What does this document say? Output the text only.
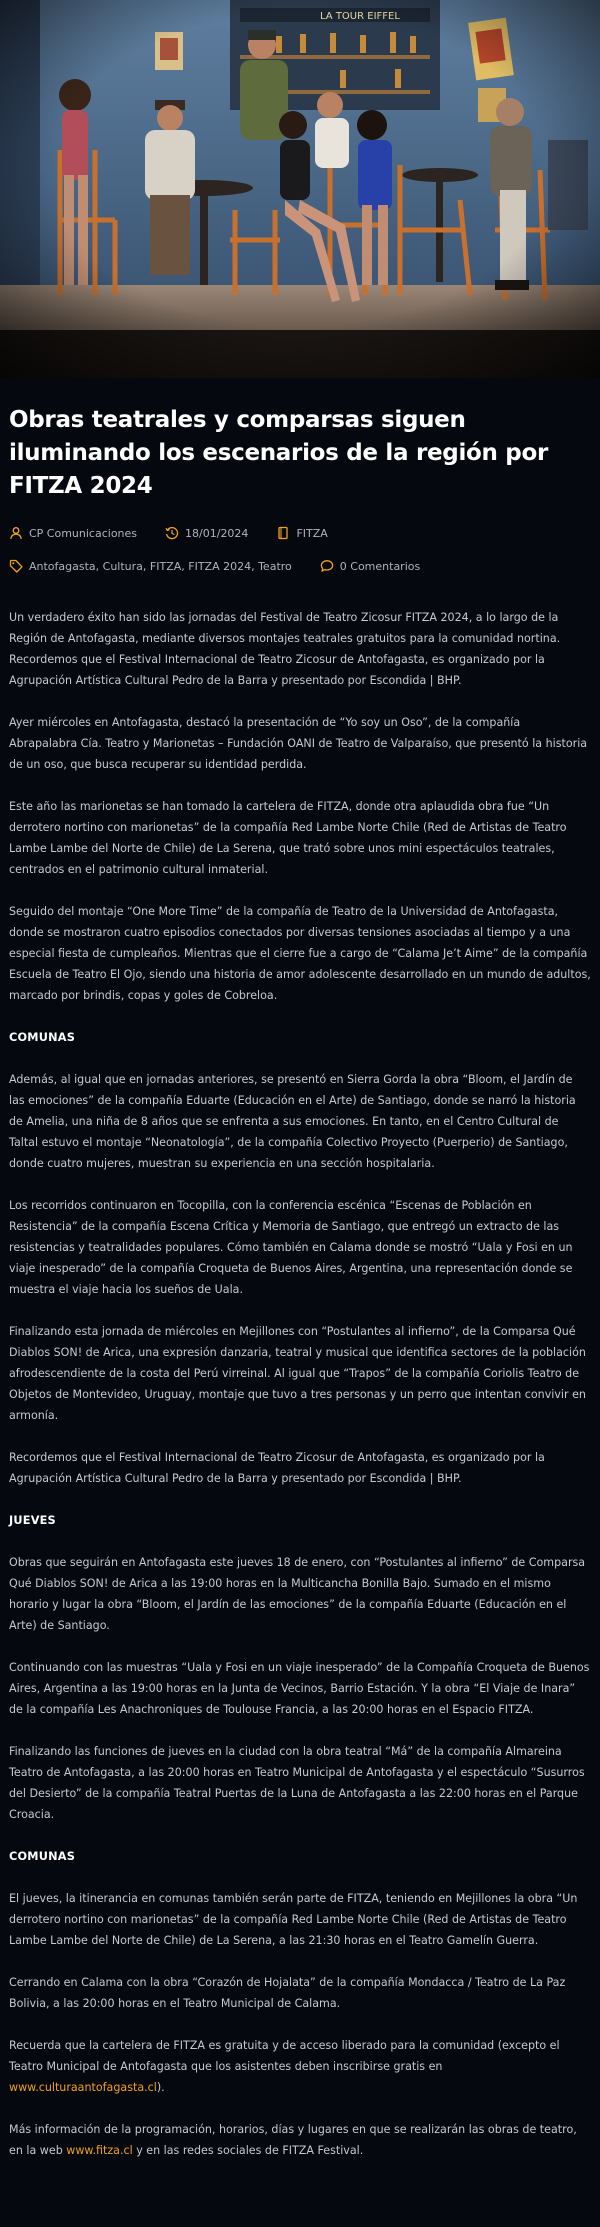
Obras teatrales y comparsas siguen iluminando los escenarios de la región por FITZA 2024
CP Comunicaciones	18/01/2024	FITZA
Antofagasta, Cultura, FITZA, FITZA 2024, Teatro	0 Comentarios

Un verdadero éxito han sido las jornadas del Festival de Teatro Zicosur FITZA 2024, a lo largo de la Región de Antofagasta, mediante diversos montajes teatrales gratuitos para la comunidad nortina. Recordemos que el Festival Internacional de Teatro Zicosur de Antofagasta, es organizado por la Agrupación Artística Cultural Pedro de la Barra y presentado por Escondida | BHP.

Ayer miércoles en Antofagasta, destacó la presentación de “Yo soy un Oso”, de la compañía Abrapalabra Cía. Teatro y Marionetas – Fundación OANI de Teatro de Valparaíso, que presentó la historia de un oso, que busca recuperar su identidad perdida.

Este año las marionetas se han tomado la cartelera de FITZA, donde otra aplaudida obra fue “Un derrotero nortino con marionetas” de la compañía Red Lambe Norte Chile (Red de Artistas de Teatro Lambe Lambe del Norte de Chile) de La Serena, que trató sobre unos mini espectáculos teatrales, centrados en el patrimonio cultural inmaterial.

Seguido del montaje “One More Time” de la compañía de Teatro de la Universidad de Antofagasta, donde se mostraron cuatro episodios conectados por diversas tensiones asociadas al tiempo y a una especial fiesta de cumpleaños. Mientras que el cierre fue a cargo de “Calama Je’t Aime” de la compañía Escuela de Teatro El Ojo, siendo una historia de amor adolescente desarrollado en un mundo de adultos, marcado por brindis, copas y goles de Cobreloa.

COMUNAS

Además, al igual que en jornadas anteriores, se presentó en Sierra Gorda la obra “Bloom, el Jardín de las emociones” de la compañía Eduarte (Educación en el Arte) de Santiago, donde se narró la historia de Amelia, una niña de 8 años que se enfrenta a sus emociones. En tanto, en el Centro Cultural de Taltal estuvo el montaje “Neonatología”, de la compañía Colectivo Proyecto (Puerperio) de Santiago, donde cuatro mujeres, muestran su experiencia en una sección hospitalaria.

Los recorridos continuaron en Tocopilla, con la conferencia escénica “Escenas de Población en Resistencia” de la compañía Escena Crítica y Memoria de Santiago, que entregó un extracto de las resistencias y teatralidades populares. Cómo también en Calama donde se mostró “Uala y Fosi en un viaje inesperado” de la compañía Croqueta de Buenos Aires, Argentina, una representación donde se muestra el viaje hacia los sueños de Uala.

Finalizando esta jornada de miércoles en Mejillones con “Postulantes al infierno”, de la Comparsa Qué Diablos SON! de Arica, una expresión danzaria, teatral y musical que identifica sectores de la población afrodescendiente de la costa del Perú virreinal. Al igual que “Trapos” de la compañía Coriolis Teatro de Objetos de Montevideo, Uruguay, montaje que tuvo a tres personas y un perro que intentan convivir en armonía.

Recordemos que el Festival Internacional de Teatro Zicosur de Antofagasta, es organizado por la Agrupación Artística Cultural Pedro de la Barra y presentado por Escondida | BHP.

JUEVES

Obras que seguirán en Antofagasta este jueves 18 de enero, con “Postulantes al infierno” de Comparsa Qué Diablos SON! de Arica a las 19:00 horas en la Multicancha Bonilla Bajo. Sumado en el mismo horario y lugar la obra “Bloom, el Jardín de las emociones” de la compañía Eduarte (Educación en el Arte) de Santiago.

Continuando con las muestras “Uala y Fosi en un viaje inesperado” de la Compañía Croqueta de Buenos Aires, Argentina a las 19:00 horas en la Junta de Vecinos, Barrio Estación. Y la obra “El Viaje de Inara” de la compañía Les Anachroniques de Toulouse Francia, a las 20:00 horas en el Espacio FITZA.

Finalizando las funciones de jueves en la ciudad con la obra teatral “Má” de la compañía Almareina Teatro de Antofagasta, a las 20:00 horas en Teatro Municipal de Antofagasta y el espectáculo “Susurros del Desierto” de la compañía Teatral Puertas de la Luna de Antofagasta a las 22:00 horas en el Parque Croacia.

COMUNAS

El jueves, la itinerancia en comunas también serán parte de FITZA, teniendo en Mejillones la obra “Un derrotero nortino con marionetas” de la compañía Red Lambe Norte Chile (Red de Artistas de Teatro Lambe Lambe del Norte de Chile) de La Serena, a las 21:30 horas en el Teatro Gamelín Guerra.

Cerrando en Calama con la obra “Corazón de Hojalata” de la compañía Mondacca / Teatro de La Paz Bolivia, a las 20:00 horas en el Teatro Municipal de Calama.

Recuerda que la cartelera de FITZA es gratuita y de acceso liberado para la comunidad (excepto el Teatro Municipal de Antofagasta que los asistentes deben inscribirse gratis en www.culturaantofagasta.cl).

Más información de la programación, horarios, días y lugares en que se realizarán las obras de teatro, en la web www.fitza.cl y en las redes sociales de FITZA Festival.
